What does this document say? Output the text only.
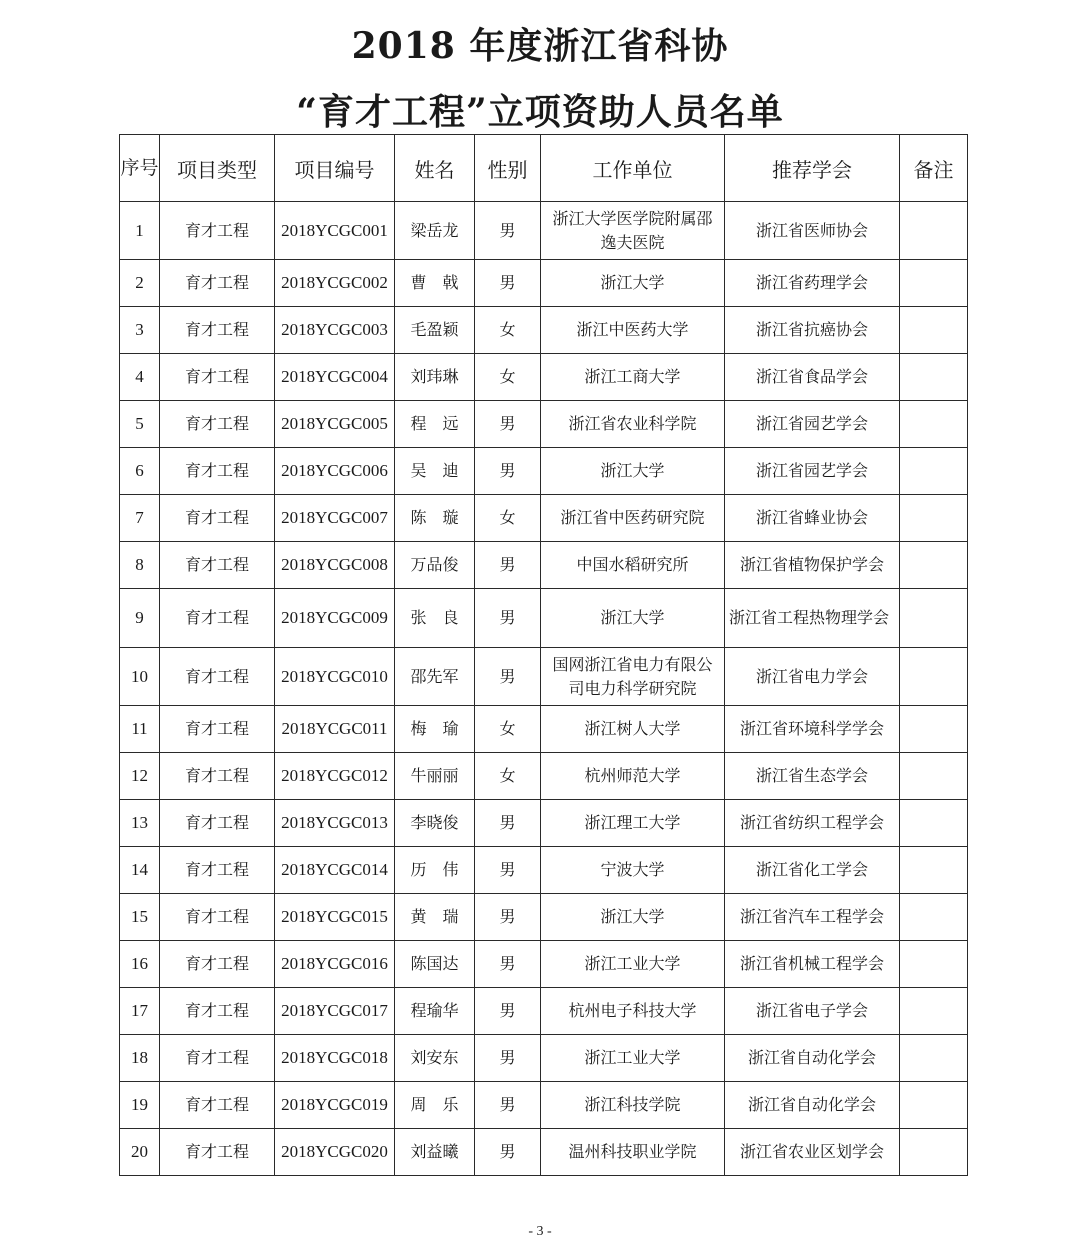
2018 年度浙江省科协
“育才工程”立项资助人员名单
序号	项目类型	项目编号	姓名	性别	工作单位	推荐学会	备注
1	育才工程	2018YCGC001	梁岳龙	男	浙江大学医学院附属邵逸夫医院	浙江省医师协会	
2	育才工程	2018YCGC002	曹　戟	男	浙江大学	浙江省药理学会	
3	育才工程	2018YCGC003	毛盈颖	女	浙江中医药大学	浙江省抗癌协会	
4	育才工程	2018YCGC004	刘玮琳	女	浙江工商大学	浙江省食品学会	
5	育才工程	2018YCGC005	程　远	男	浙江省农业科学院	浙江省园艺学会	
6	育才工程	2018YCGC006	吴　迪	男	浙江大学	浙江省园艺学会	
7	育才工程	2018YCGC007	陈　璇	女	浙江省中医药研究院	浙江省蜂业协会	
8	育才工程	2018YCGC008	万品俊	男	中国水稻研究所	浙江省植物保护学会	
9	育才工程	2018YCGC009	张　良	男	浙江大学	浙江省工程热物理学会	
10	育才工程	2018YCGC010	邵先军	男	国网浙江省电力有限公司电力科学研究院	浙江省电力学会	
11	育才工程	2018YCGC011	梅　瑜	女	浙江树人大学	浙江省环境科学学会	
12	育才工程	2018YCGC012	牛丽丽	女	杭州师范大学	浙江省生态学会	
13	育才工程	2018YCGC013	李晓俊	男	浙江理工大学	浙江省纺织工程学会	
14	育才工程	2018YCGC014	历　伟	男	宁波大学	浙江省化工学会	
15	育才工程	2018YCGC015	黄　瑞	男	浙江大学	浙江省汽车工程学会	
16	育才工程	2018YCGC016	陈国达	男	浙江工业大学	浙江省机械工程学会	
17	育才工程	2018YCGC017	程瑜华	男	杭州电子科技大学	浙江省电子学会	
18	育才工程	2018YCGC018	刘安东	男	浙江工业大学	浙江省自动化学会	
19	育才工程	2018YCGC019	周　乐	男	浙江科技学院	浙江省自动化学会	
20	育才工程	2018YCGC020	刘益曦	男	温州科技职业学院	浙江省农业区划学会	
- 3 -
